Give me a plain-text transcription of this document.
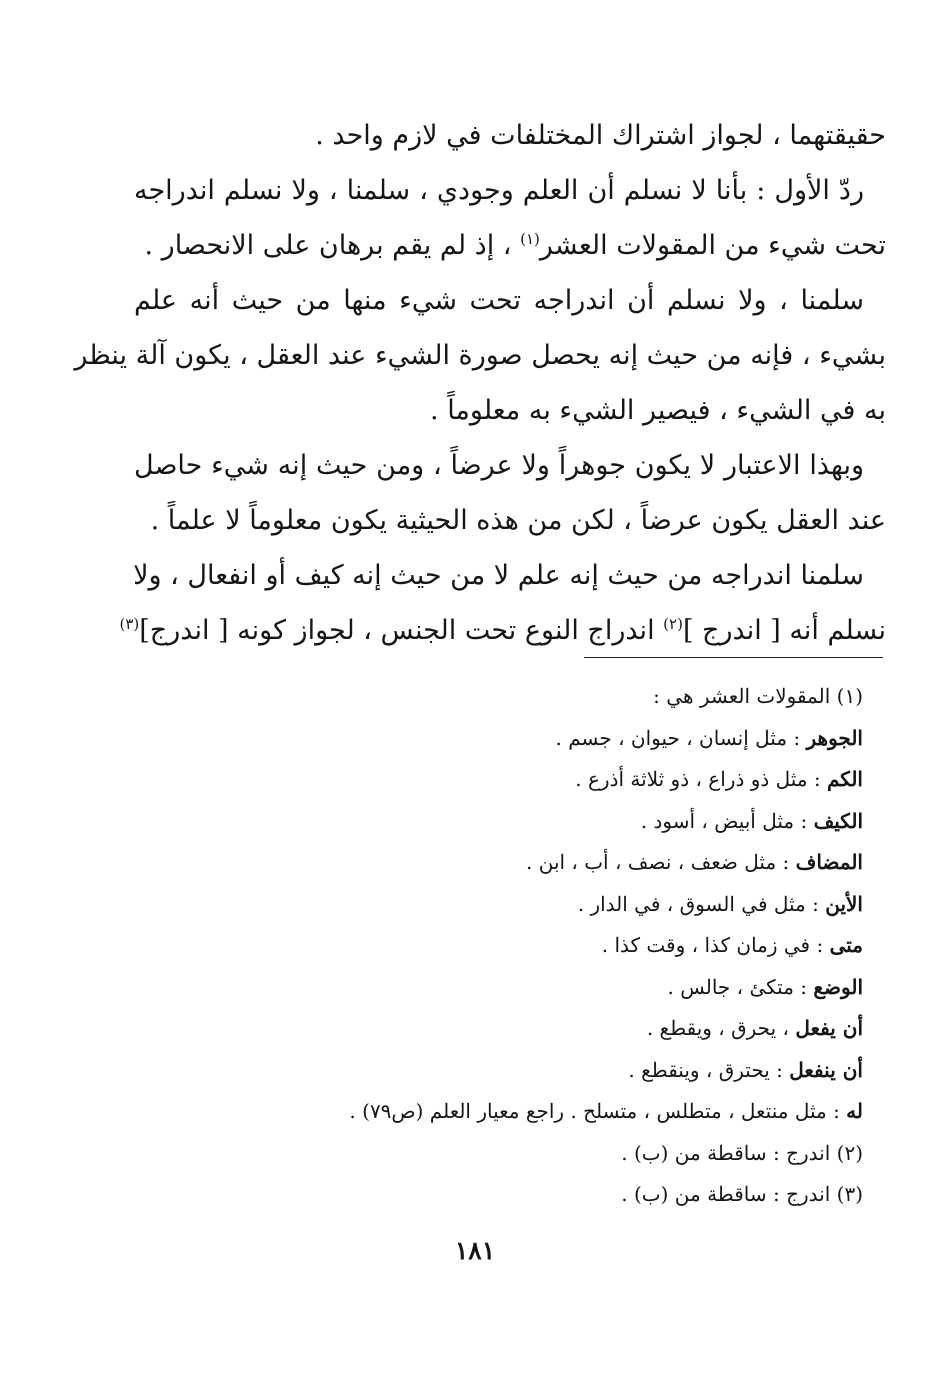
حقيقتهما ، لجواز اشتراك المختلفات في لازم واحد .
ردّ الأول : بأنا لا نسلم أن العلم وجودي ، سلمنا ، ولا نسلم اندراجه
تحت شيء من المقولات العشر$^{(١)}$ ، إذ لم يقم برهان على الانحصار .
سلمنا ، ولا نسلم أن اندراجه تحت شيء منها من حيث أنه علم
بشيء ، فإنه من حيث إنه يحصل صورة الشيء عند العقل ، يكون آلة ينظر
به في الشيء ، فيصير الشيء به معلوماً .
وبهذا الاعتبار لا يكون جوهراً ولا عرضاً ، ومن حيث إنه شيء حاصل
عند العقل يكون عرضاً ، لكن من هذه الحيثية يكون معلوماً لا علماً .
سلمنا اندراجه من حيث إنه علم لا من حيث إنه كيف أو انفعال ، ولا
نسلم أنه [ اندرج ]$^{(٢)}$ اندراج النوع تحت الجنس ، لجواز كونه [ اندرج]$^{(٣)}$
(١) المقولات العشر هي :
الجوهر : مثل إنسان ، حيوان ، جسم .
الكم : مثل ذو ذراع ، ذو ثلاثة أذرع .
الكيف : مثل أبيض ، أسود .
المضاف : مثل ضعف ، نصف ، أب ، ابن .
الأين : مثل في السوق ، في الدار .
متى : في زمان كذا ، وقت كذا .
الوضع : متكئ ، جالس .
أن يفعل ، يحرق ، ويقطع .
أن ينفعل : يحترق ، وينقطع .
له : مثل منتعل ، متطلس ، متسلح . راجع معيار العلم (ص٧٩) .
(٢) اندرج : ساقطة من (ب) .
(٣) اندرج : ساقطة من (ب) .
١٨١
